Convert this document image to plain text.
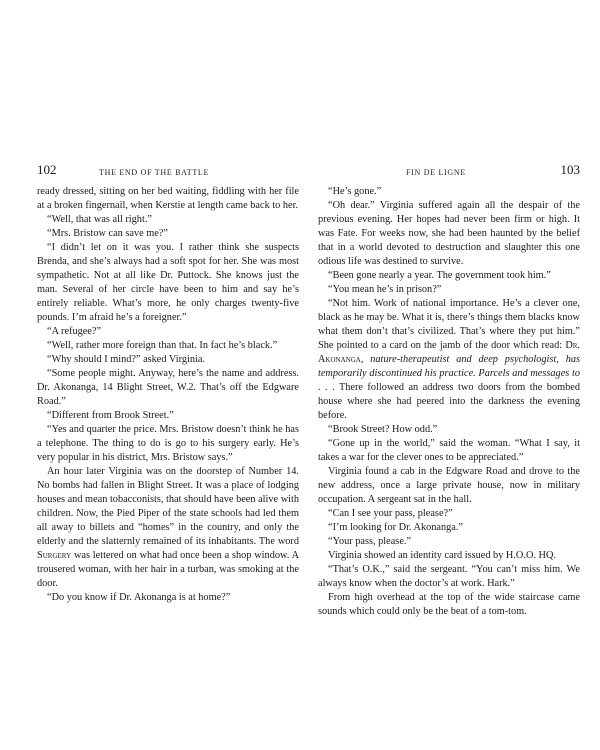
102	THE END OF THE BATTLE

ready dressed, sitting on her bed waiting, fiddling with her file at a broken fingernail, when Kerstie at length came back to her.

“Well, that was all right.”

“Mrs. Bristow can save me?”

“I didn’t let on it was you. I rather think she suspects Brenda, and she’s always had a soft spot for her. She was most sympathetic. Not at all like Dr. Puttock. She knows just the man. Several of her circle have been to him and say he’s entirely reliable. What’s more, he only charges twenty-five pounds. I’m afraid he’s a foreigner.”

“A refugee?”

“Well, rather more foreign than that. In fact he’s black.”

“Why should I mind?” asked Virginia.

“Some people might. Anyway, here’s the name and address. Dr. Akonanga, 14 Blight Street, W.2. That’s off the Edgware Road.”

“Different from Brook Street.”

“Yes and quarter the price. Mrs. Bristow doesn’t think he has a telephone. The thing to do is go to his surgery early. He’s very popular in his district, Mrs. Bristow says.”

An hour later Virginia was on the doorstep of Number 14. No bombs had fallen in Blight Street. It was a place of lodging houses and mean tobacconists, that should have been alive with children. Now, the Pied Piper of the state schools had led them all away to billets and “homes” in the country, and only the elderly and the slatternly remained of its inhabitants. The word Surgery was lettered on what had once been a shop window. A trousered woman, with her hair in a turban, was smoking at the door.

“Do you know if Dr. Akonanga is at home?”

FIN DE LIGNE	103

“He’s gone.”

“Oh dear.” Virginia suffered again all the despair of the previous evening. Her hopes had never been firm or high. It was Fate. For weeks now, she had been haunted by the belief that in a world devoted to destruction and slaughter this one odious life was destined to survive.

“Been gone nearly a year. The government took him.”

“You mean he’s in prison?”

“Not him. Work of national importance. He’s a clever one, black as he may be. What it is, there’s things them blacks know what them don’t that’s civilized. That’s where they put him.” She pointed to a card on the jamb of the door which read: Dr. Akonanga, nature-therapeutist and deep psychologist, has temporarily discontinued his practice. Parcels and messages to . . . There followed an address two doors from the bombed house where she had peered into the darkness the evening before.

“Brook Street? How odd.”

“Gone up in the world,” said the woman. “What I say, it takes a war for the clever ones to be appreciated.”

Virginia found a cab in the Edgware Road and drove to the new address, once a large private house, now in military occupation. A sergeant sat in the hall.

“Can I see your pass, please?”

“I’m looking for Dr. Akonanga.”

“Your pass, please.”

Virginia showed an identity card issued by H.O.O. HQ.

“That’s O.K.,” said the sergeant. “You can’t miss him. We always know when the doctor’s at work. Hark.”

From high overhead at the top of the wide staircase came sounds which could only be the beat of a tom-tom.
